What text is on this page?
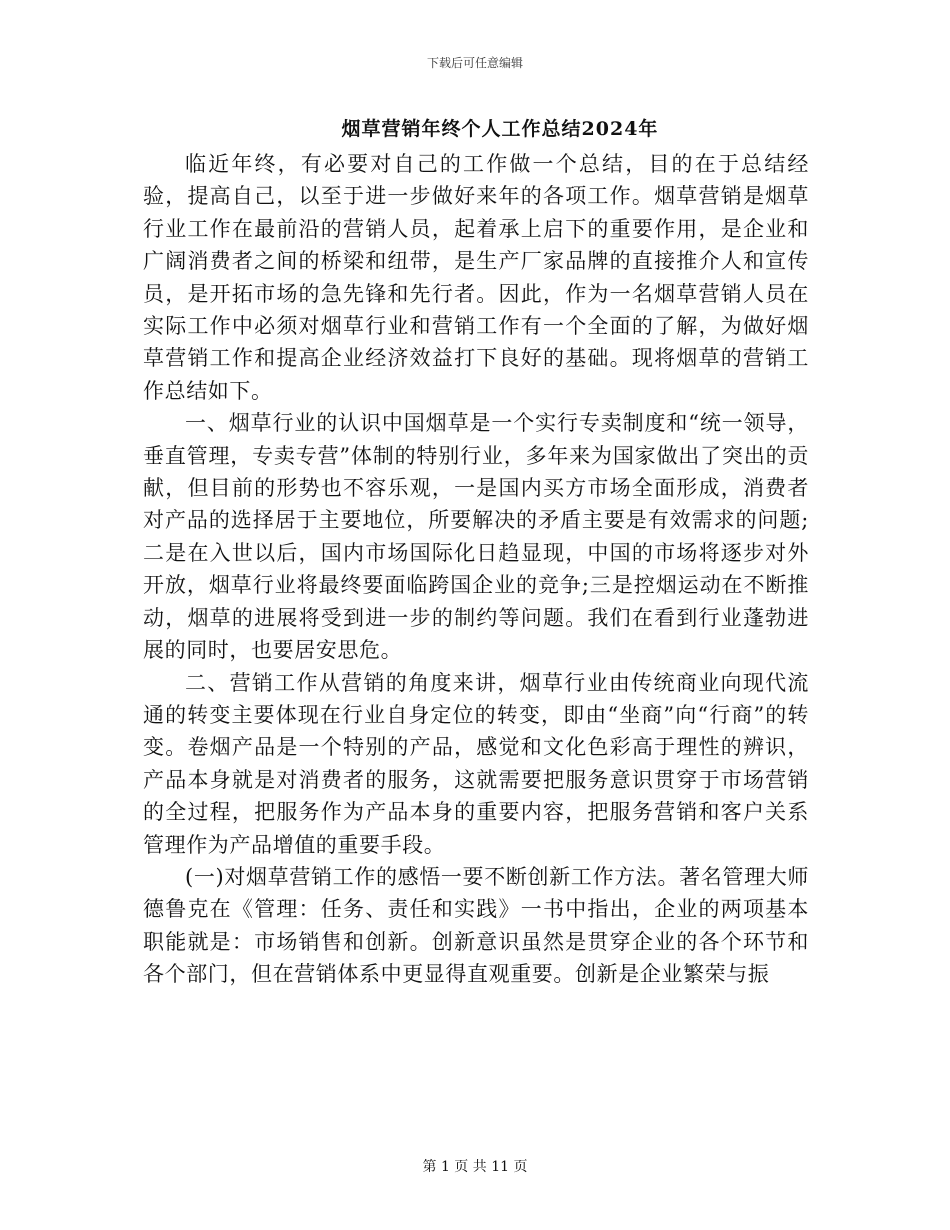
下载后可任意编辑
烟草营销年终个人工作总结2024年

临近年终，有必要对自己的工作做一个总结，目的在于总结经验，提高自己，以至于进一步做好来年的各项工作。烟草营销是烟草行业工作在最前沿的营销人员，起着承上启下的重要作用，是企业和广阔消费者之间的桥梁和纽带，是生产厂家品牌的直接推介人和宣传员，是开拓市场的急先锋和先行者。因此，作为一名烟草营销人员在实际工作中必须对烟草行业和营销工作有一个全面的了解，为做好烟草营销工作和提高企业经济效益打下良好的基础。现将烟草的营销工作总结如下。

一、烟草行业的认识中国烟草是一个实行专卖制度和“统一领导，垂直管理，专卖专营”体制的特别行业，多年来为国家做出了突出的贡献，但目前的形势也不容乐观，一是国内买方市场全面形成，消费者对产品的选择居于主要地位，所要解决的矛盾主要是有效需求的问题;二是在入世以后，国内市场国际化日趋显现，中国的市场将逐步对外开放，烟草行业将最终要面临跨国企业的竞争;三是控烟运动在不断推动，烟草的进展将受到进一步的制约等问题。我们在看到行业蓬勃进展的同时，也要居安思危。

二、营销工作从营销的角度来讲，烟草行业由传统商业向现代流通的转变主要体现在行业自身定位的转变，即由“坐商”向“行商”的转变。卷烟产品是一个特别的产品，感觉和文化色彩高于理性的辨识，产品本身就是对消费者的服务，这就需要把服务意识贯穿于市场营销的全过程，把服务作为产品本身的重要内容，把服务营销和客户关系管理作为产品增值的重要手段。

(一)对烟草营销工作的感悟一要不断创新工作方法。著名管理大师德鲁克在《管理：任务、责任和实践》一书中指出，企业的两项基本职能就是：市场销售和创新。创新意识虽然是贯穿企业的各个环节和各个部门，但在营销体系中更显得直观重要。创新是企业繁荣与振

第 1 页 共 11 页
